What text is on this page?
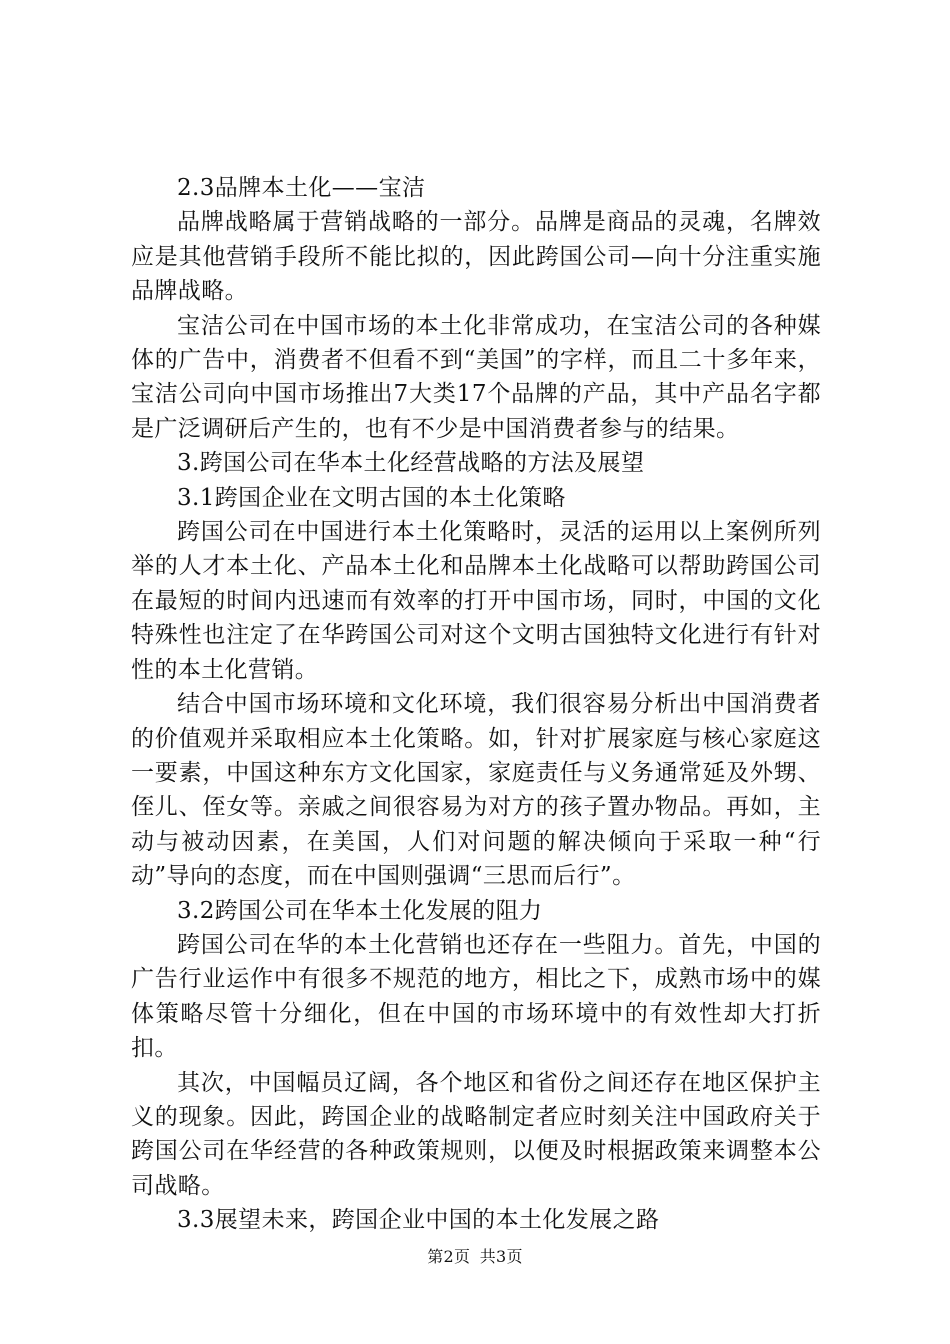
2.3品牌本土化——宝洁

品牌战略属于营销战略的一部分。品牌是商品的灵魂，名牌效应是其他营销手段所不能比拟的，因此跨国公司—向十分注重实施品牌战略。

宝洁公司在中国市场的本土化非常成功，在宝洁公司的各种媒体的广告中，消费者不但看不到“美国”的字样，而且二十多年来，宝洁公司向中国市场推出7大类17个品牌的产品，其中产品名字都是广泛调研后产生的，也有不少是中国消费者参与的结果。

3.跨国公司在华本土化经营战略的方法及展望

3.1跨国企业在文明古国的本土化策略

跨国公司在中国进行本土化策略时，灵活的运用以上案例所列举的人才本土化、产品本土化和品牌本土化战略可以帮助跨国公司在最短的时间内迅速而有效率的打开中国市场，同时，中国的文化特殊性也注定了在华跨国公司对这个文明古国独特文化进行有针对性的本土化营销。

结合中国市场环境和文化环境，我们很容易分析出中国消费者的价值观并采取相应本土化策略。如，针对扩展家庭与核心家庭这一要素，中国这种东方文化国家，家庭责任与义务通常延及外甥、侄儿、侄女等。亲戚之间很容易为对方的孩子置办物品。再如，主动与被动因素，在美国，人们对问题的解决倾向于采取一种“行动”导向的态度，而在中国则强调“三思而后行”。

3.2跨国公司在华本土化发展的阻力

跨国公司在华的本土化营销也还存在一些阻力。首先，中国的广告行业运作中有很多不规范的地方，相比之下，成熟市场中的媒体策略尽管十分细化，但在中国的市场环境中的有效性却大打折扣。

其次，中国幅员辽阔，各个地区和省份之间还存在地区保护主义的现象。因此，跨国企业的战略制定者应时刻关注中国政府关于跨国公司在华经营的各种政策规则，以便及时根据政策来调整本公司战略。

3.3展望未来，跨国企业中国的本土化发展之路

第2页 共3页
